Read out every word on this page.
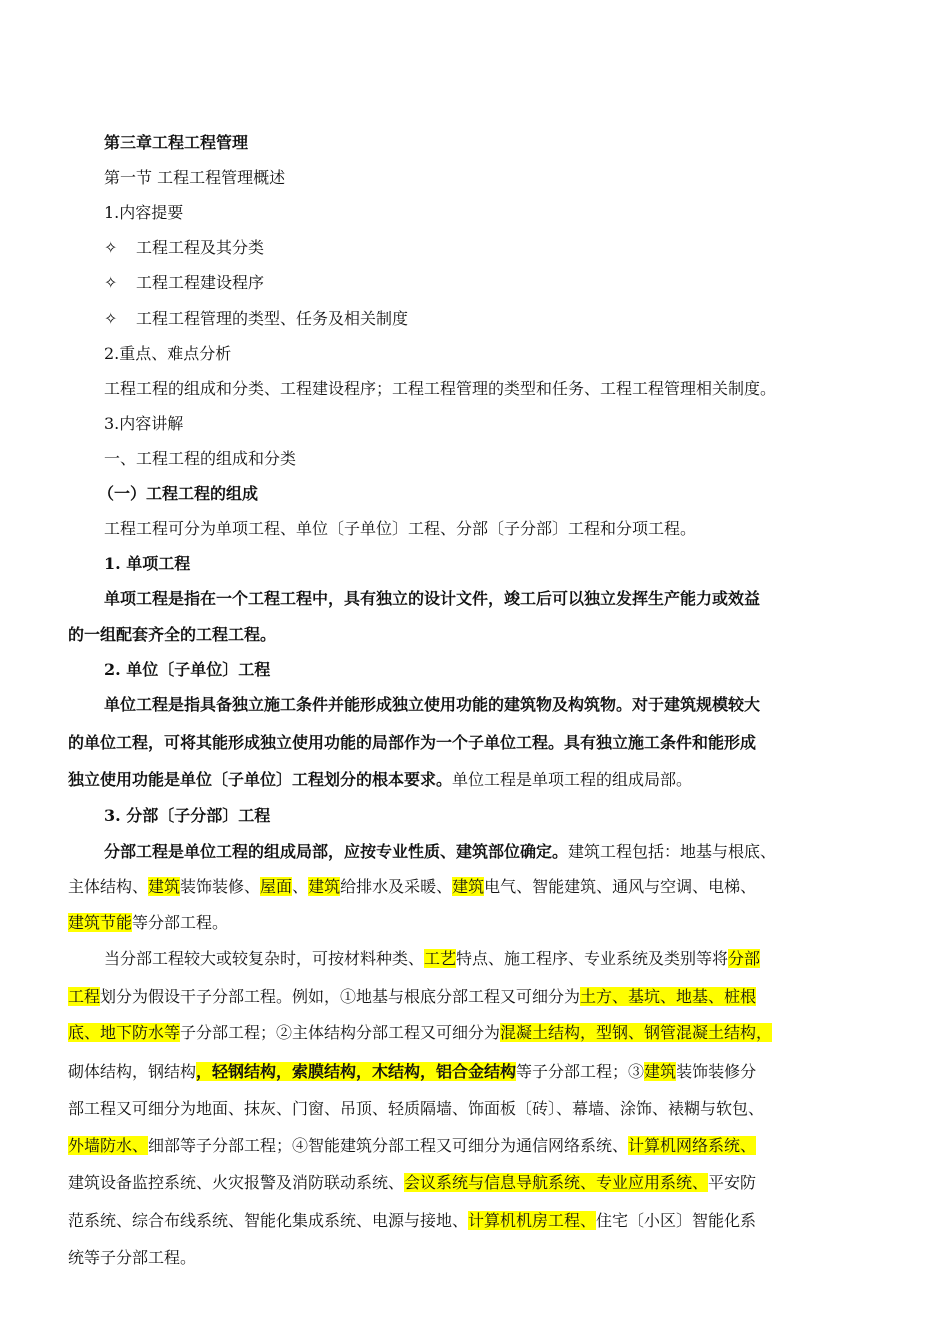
第三章工程工程管理
第一节 工程工程管理概述
1.内容提要
✧ 工程工程及其分类
✧ 工程工程建设程序
✧ 工程工程管理的类型、任务及相关制度
2.重点、难点分析
工程工程的组成和分类、工程建设程序；工程工程管理的类型和任务、工程工程管理相关制度。
3.内容讲解
一、工程工程的组成和分类
（一）工程工程的组成
工程工程可分为单项工程、单位〔子单位〕工程、分部〔子分部〕工程和分项工程。
1. 单项工程
单项工程是指在一个工程工程中，具有独立的设计文件，竣工后可以独立发挥生产能力或效益
的一组配套齐全的工程工程。
2. 单位〔子单位〕工程
单位工程是指具备独立施工条件并能形成独立使用功能的建筑物及构筑物。对于建筑规模较大
的单位工程，可将其能形成独立使用功能的局部作为一个子单位工程。具有独立施工条件和能形成
独立使用功能是单位〔子单位〕工程划分的根本要求。单位工程是单项工程的组成局部。
3. 分部〔子分部〕工程
分部工程是单位工程的组成局部，应按专业性质、建筑部位确定。建筑工程包括：地基与根底、
主体结构、建筑装饰装修、屋面、建筑给排水及采暖、建筑电气、智能建筑、通风与空调、电梯、
建筑节能等分部工程。
当分部工程较大或较复杂时，可按材料种类、工艺特点、施工程序、专业系统及类别等将分部
工程划分为假设干子分部工程。例如，①地基与根底分部工程又可细分为土方、基坑、地基、桩根
底、地下防水等子分部工程；②主体结构分部工程又可细分为混凝土结构，型钢、钢管混凝土结构，
砌体结构，钢结构，轻钢结构，索膜结构，木结构，铝合金结构等子分部工程；③建筑装饰装修分
部工程又可细分为地面、抹灰、门窗、吊顶、轻质隔墙、饰面板〔砖〕、幕墙、涂饰、裱糊与软包、
外墙防水、细部等子分部工程；④智能建筑分部工程又可细分为通信网络系统、计算机网络系统、
建筑设备监控系统、火灾报警及消防联动系统、会议系统与信息导航系统、专业应用系统、平安防
范系统、综合布线系统、智能化集成系统、电源与接地、计算机机房工程、住宅〔小区〕智能化系
统等子分部工程。
